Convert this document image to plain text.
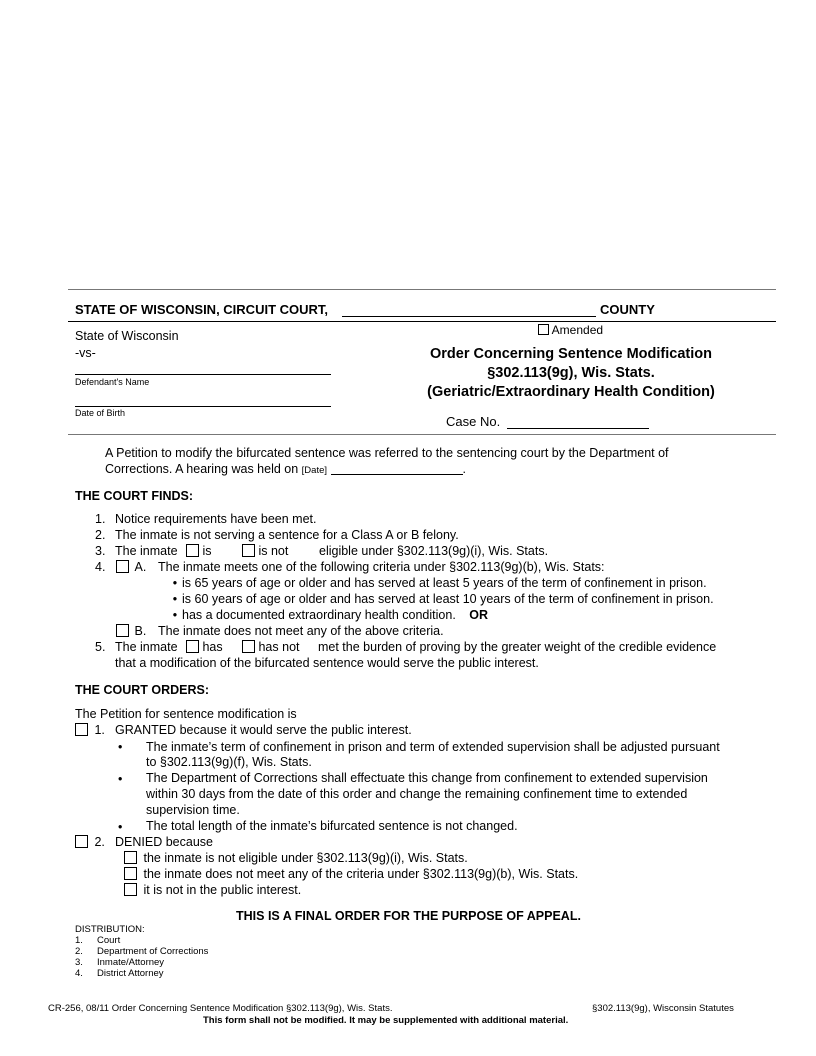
STATE OF WISCONSIN, CIRCUIT COURT,	COUNTY
Amended
State of Wisconsin
-vs-
Defendant's Name
Date of Birth
Order Concerning Sentence Modification
§302.113(9g), Wis. Stats.
(Geriatric/Extraordinary Health Condition)
Case No.
A Petition to modify the bifurcated sentence was referred to the sentencing court by the Department of
Corrections. A hearing was held on [Date]	.
THE COURT FINDS:
1. Notice requirements have been met.
2. The inmate is not serving a sentence for a Class A or B felony.
3. The inmate	is	is not eligible under §302.113(9g)(i), Wis. Stats.
4.	A. The inmate meets one of the following criteria under §302.113(9g)(b), Wis. Stats:
• is 65 years of age or older and has served at least 5 years of the term of confinement in prison.
• is 60 years of age or older and has served at least 10 years of the term of confinement in prison.
• has a documented extraordinary health condition. OR
B. The inmate does not meet any of the above criteria.
5. The inmate	has	has not met the burden of proving by the greater weight of the credible evidence
that a modification of the bifurcated sentence would serve the public interest.
THE COURT ORDERS:
The Petition for sentence modification is
1. GRANTED because it would serve the public interest.
• The inmate’s term of confinement in prison and term of extended supervision shall be adjusted pursuant
to §302.113(9g)(f), Wis. Stats.
• The Department of Corrections shall effectuate this change from confinement to extended supervision
within 30 days from the date of this order and change the remaining confinement time to extended
supervision time.
• The total length of the inmate’s bifurcated sentence is not changed.
2. DENIED because
the inmate is not eligible under §302.113(9g)(i), Wis. Stats.
the inmate does not meet any of the criteria under §302.113(9g)(b), Wis. Stats.
it is not in the public interest.
THIS IS A FINAL ORDER FOR THE PURPOSE OF APPEAL.
DISTRIBUTION:
1. Court
2. Department of Corrections
3. Inmate/Attorney
4. District Attorney
CR-256, 08/11 Order Concerning Sentence Modification §302.113(9g), Wis. Stats.	§302.113(9g), Wisconsin Statutes
This form shall not be modified. It may be supplemented with additional material.
